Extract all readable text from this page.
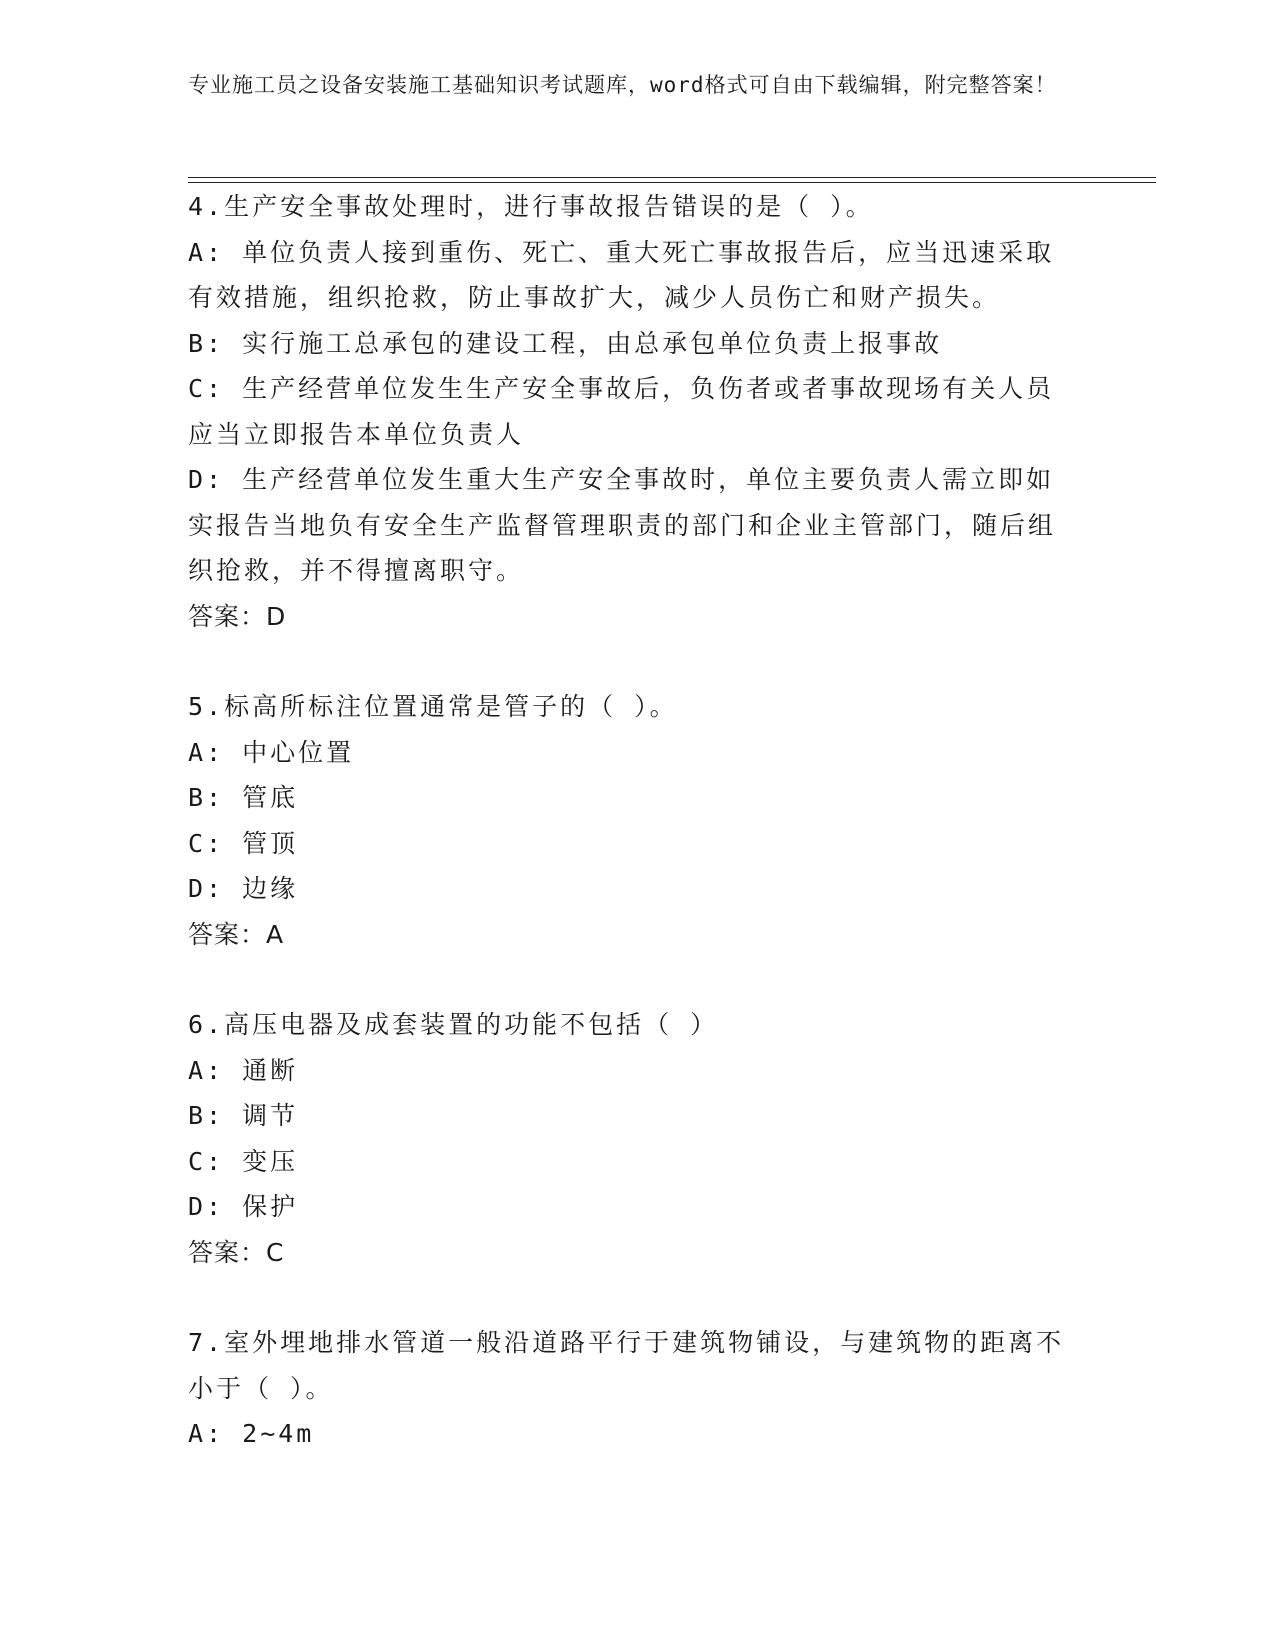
专业施工员之设备安装施工基础知识考试题库，word格式可自由下载编辑，附完整答案！
4.生产安全事故处理时，进行事故报告错误的是（ ）。
A: 单位负责人接到重伤、死亡、重大死亡事故报告后，应当迅速采取有效措施，组织抢救，防止事故扩大，减少人员伤亡和财产损失。
B: 实行施工总承包的建设工程，由总承包单位负责上报事故
C: 生产经营单位发生生产安全事故后，负伤者或者事故现场有关人员应当立即报告本单位负责人
D: 生产经营单位发生重大生产安全事故时，单位主要负责人需立即如实报告当地负有安全生产监督管理职责的部门和企业主管部门，随后组织抢救，并不得擅离职守。
答案：D
5.标高所标注位置通常是管子的（ ）。
A: 中心位置
B: 管底
C: 管顶
D: 边缘
答案：A
6.高压电器及成套装置的功能不包括（ ）
A: 通断
B: 调节
C: 变压
D: 保护
答案：C
7.室外埋地排水管道一般沿道路平行于建筑物铺设，与建筑物的距离不小于（ ）。
A: 2~4m
